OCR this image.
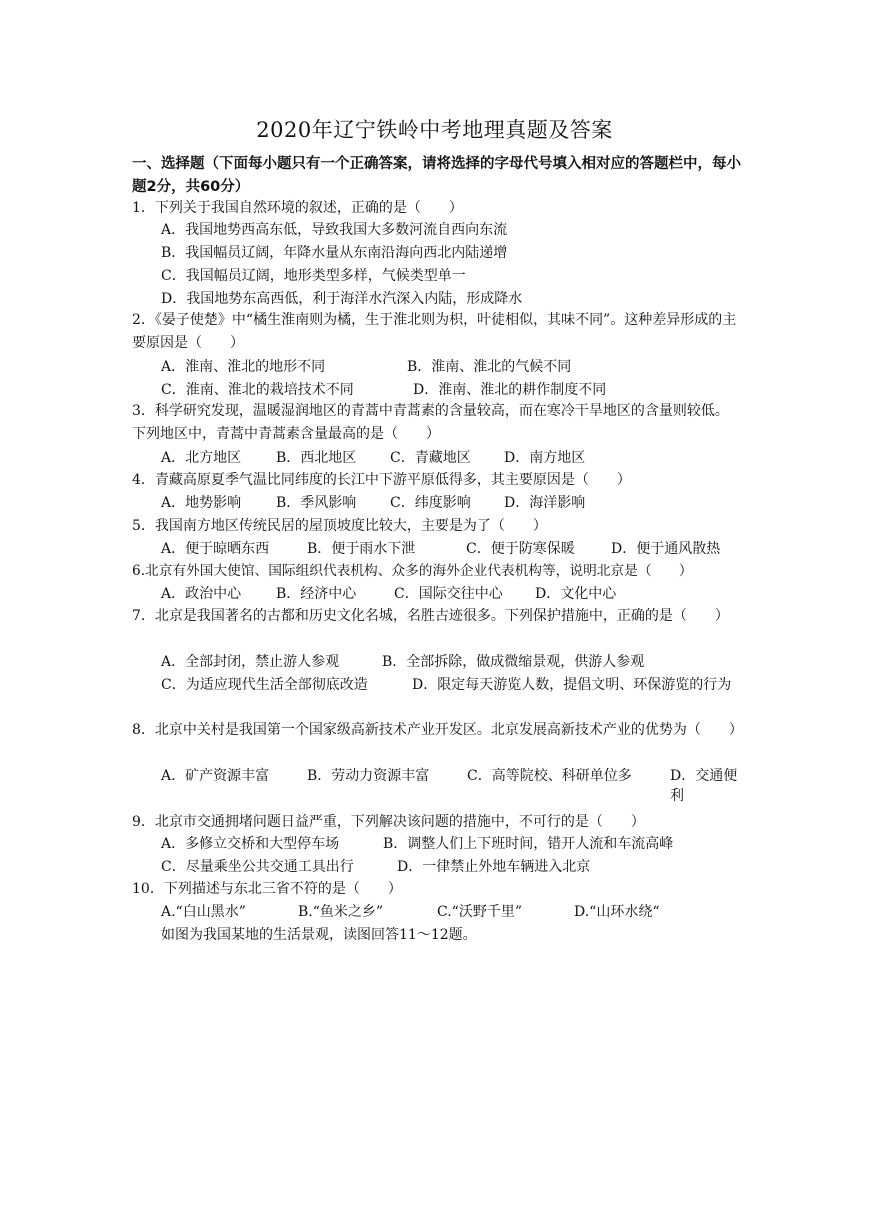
2020年辽宁铁岭中考地理真题及答案
一、选择题（下面每小题只有一个正确答案，请将选择的字母代号填入相对应的答题栏中，每小题2分，共60分）
1．下列关于我国自然环境的叙述，正确的是（　　）
A．我国地势西高东低，导致我国大多数河流自西向东流
B．我国幅员辽阔，年降水量从东南沿海向西北内陆递增
C．我国幅员辽阔，地形类型多样，气候类型单一
D．我国地势东高西低，利于海洋水汽深入内陆，形成降水
2．《晏子使楚》中“橘生淮南则为橘，生于淮北则为枳，叶徒相似，其味不同”。这种差异形成的主要原因是（　　）
A．淮南、淮北的地形不同	B．淮南、淮北的气候不同
C．淮南、淮北的栽培技术不同	D．淮南、淮北的耕作制度不同
3．科学研究发现，温暖湿润地区的青蒿中青蒿素的含量较高，而在寒冷干旱地区的含量则较低。下列地区中，青蒿中青蒿素含量最高的是（　　）
A．北方地区	B．西北地区	C．青藏地区	D．南方地区
4．青藏高原夏季气温比同纬度的长江中下游平原低得多，其主要原因是（　　）
A．地势影响	B．季风影响	C．纬度影响	D．海洋影响
5．我国南方地区传统民居的屋顶坡度比较大，主要是为了（　　）
A．便于晾晒东西	B．便于雨水下泄	C．便于防寒保暖	D．便于通风散热
6.北京有外国大使馆、国际组织代表机构、众多的海外企业代表机构等，说明北京是（　　）
A．政治中心	B．经济中心	C．国际交往中心	D．文化中心
7．北京是我国著名的古都和历史文化名城，名胜古迹很多。下列保护措施中，正确的是（　　）
A．全部封闭，禁止游人参观	B．全部拆除，做成微缩景观，供游人参观
C．为适应现代生活全部彻底改造	D．限定每天游览人数，提倡文明、环保游览的行为
8．北京中关村是我国第一个国家级高新技术产业开发区。北京发展高新技术产业的优势为（　　）
A．矿产资源丰富	B．劳动力资源丰富	C．高等院校、科研单位多	D．交通便利
9．北京市交通拥堵问题日益严重，下列解决该问题的措施中，不可行的是（　　）
A．多修立交桥和大型停车场	B．调整人们上下班时间，错开人流和车流高峰
C．尽量乘坐公共交通工具出行	D．一律禁止外地车辆进入北京
10．下列描述与东北三省不符的是（　　）
A.“白山黑水”	B.“鱼米之乡”	C.“沃野千里”	D.“山环水绕“
如图为我国某地的生活景观，读图回答11～12题。
